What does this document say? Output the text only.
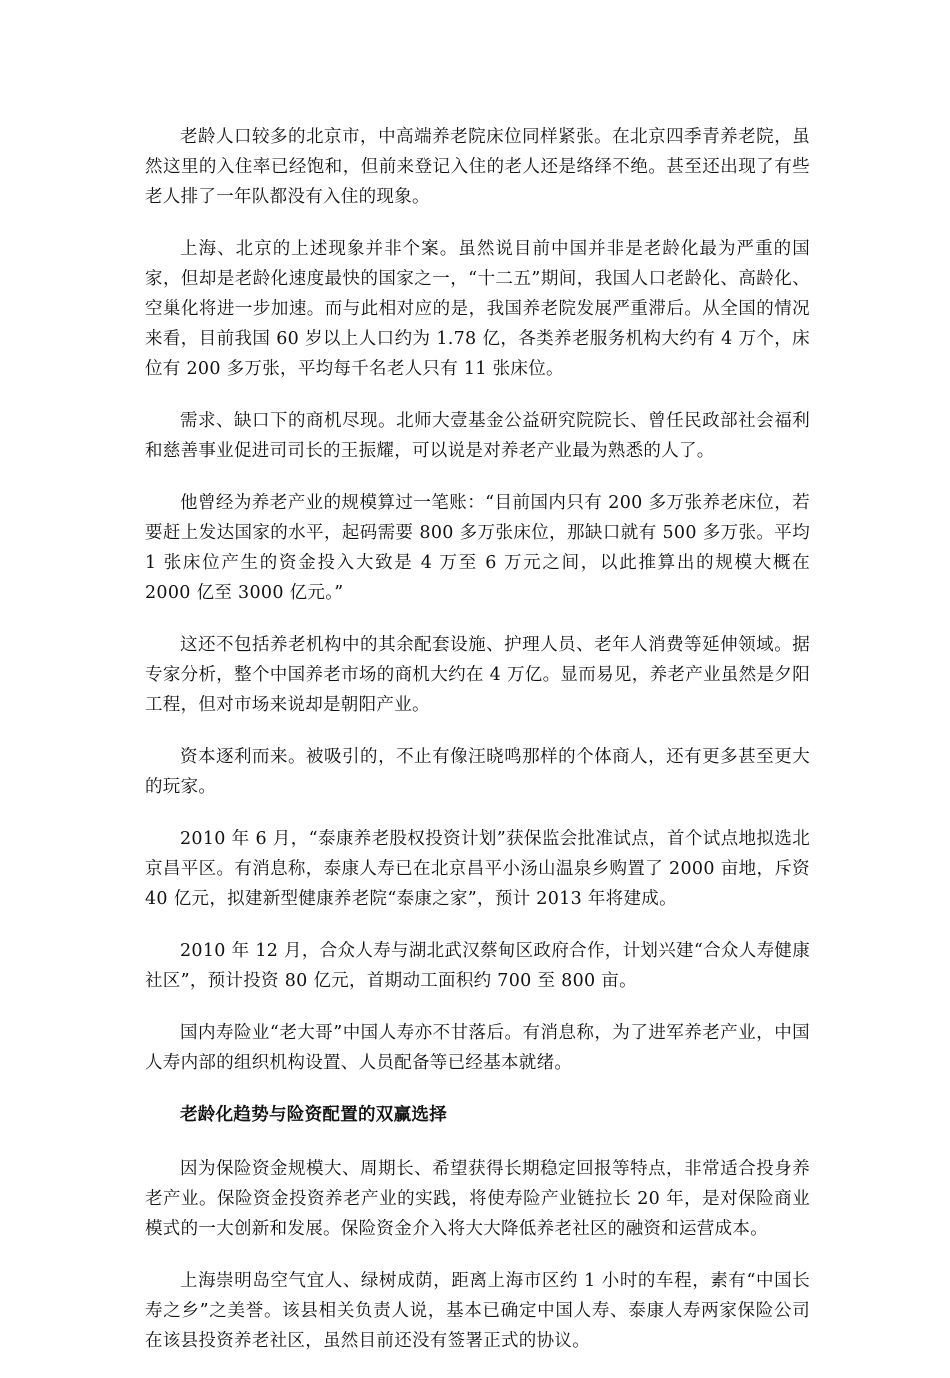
老龄人口较多的北京市，中高端养老院床位同样紧张。在北京四季青养老院，虽然这里的入住率已经饱和，但前来登记入住的老人还是络绎不绝。甚至还出现了有些老人排了一年队都没有入住的现象。

上海、北京的上述现象并非个案。虽然说目前中国并非是老龄化最为严重的国家，但却是老龄化速度最快的国家之一，“十二五”期间，我国人口老龄化、高龄化、空巢化将进一步加速。而与此相对应的是，我国养老院发展严重滞后。从全国的情况来看，目前我国 60 岁以上人口约为 1.78 亿，各类养老服务机构大约有 4 万个，床位有 200 多万张，平均每千名老人只有 11 张床位。

需求、缺口下的商机尽现。北师大壹基金公益研究院院长、曾任民政部社会福利和慈善事业促进司司长的王振耀，可以说是对养老产业最为熟悉的人了。

他曾经为养老产业的规模算过一笔账：“目前国内只有 200 多万张养老床位，若要赶上发达国家的水平，起码需要 800 多万张床位，那缺口就有 500 多万张。平均 1 张床位产生的资金投入大致是 4 万至 6 万元之间，以此推算出的规模大概在 2000 亿至 3000 亿元。”

这还不包括养老机构中的其余配套设施、护理人员、老年人消费等延伸领域。据专家分析，整个中国养老市场的商机大约在 4 万亿。显而易见，养老产业虽然是夕阳工程，但对市场来说却是朝阳产业。

资本逐利而来。被吸引的，不止有像汪晓鸣那样的个体商人，还有更多甚至更大的玩家。

2010 年 6 月，“泰康养老股权投资计划”获保监会批准试点，首个试点地拟选北京昌平区。有消息称，泰康人寿已在北京昌平小汤山温泉乡购置了 2000 亩地，斥资 40 亿元，拟建新型健康养老院“泰康之家”，预计 2013 年将建成。

2010 年 12 月，合众人寿与湖北武汉蔡甸区政府合作，计划兴建“合众人寿健康社区”，预计投资 80 亿元，首期动工面积约 700 至 800 亩。

国内寿险业“老大哥”中国人寿亦不甘落后。有消息称，为了进军养老产业，中国人寿内部的组织机构设置、人员配备等已经基本就绪。

老龄化趋势与险资配置的双赢选择

因为保险资金规模大、周期长、希望获得长期稳定回报等特点，非常适合投身养老产业。保险资金投资养老产业的实践，将使寿险产业链拉长 20 年，是对保险商业模式的一大创新和发展。保险资金介入将大大降低养老社区的融资和运营成本。

上海崇明岛空气宜人、绿树成荫，距离上海市区约 1 小时的车程，素有“中国长寿之乡”之美誉。该县相关负责人说，基本已确定中国人寿、泰康人寿两家保险公司在该县投资养老社区，虽然目前还没有签署正式的协议。
